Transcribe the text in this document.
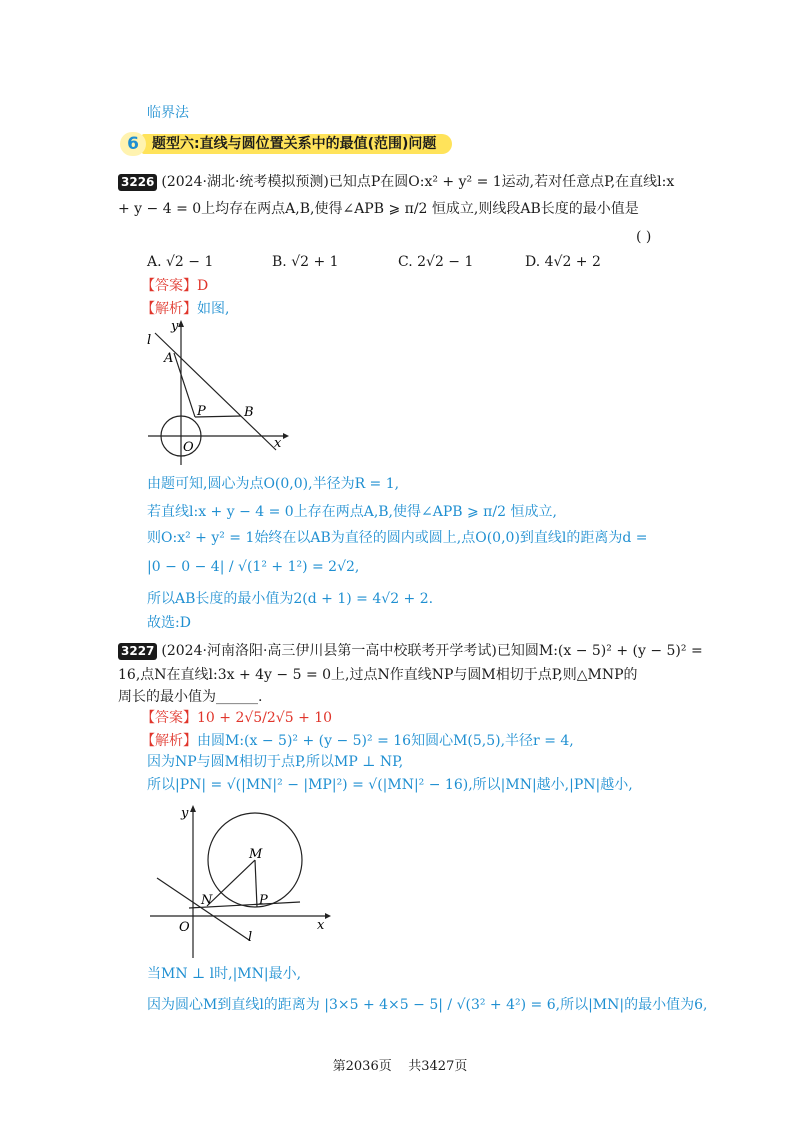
临界法
6 题型六:直线与圆位置关系中的最值(范围)问题
3226 (2024·湖北·统考模拟预测)已知点P在圆O:x² + y² = 1运动,若对任意点P,在直线l:x
+ y − 4 = 0上均存在两点A,B,使得∠APB ⩾ π/2 恒成立,则线段AB长度的最小值是
( )
A. √2 − 1	B. √2 + 1	C. 2√2 − 1	D. 4√2 + 2
【答案】D
【解析】如图,
l
y
A
P	B
O	x
由题可知,圆心为点O(0,0),半径为R = 1,
若直线l:x + y − 4 = 0上存在两点A,B,使得∠APB ⩾ π/2 恒成立,
则O:x² + y² = 1始终在以AB为直径的圆内或圆上,点O(0,0)到直线l的距离为d =
|0 − 0 − 4| / √(1² + 1²) = 2√2,
所以AB长度的最小值为2(d + 1) = 4√2 + 2.
故选:D
3227 (2024·河南洛阳·高三伊川县第一高中校联考开学考试)已知圆M:(x − 5)² + (y − 5)² =
16,点N在直线l:3x + 4y − 5 = 0上,过点N作直线NP与圆M相切于点P,则△MNP的
周长的最小值为______.
【答案】10 + 2√5/2√5 + 10
【解析】由圆M:(x − 5)² + (y − 5)² = 16知圆心M(5,5),半径r = 4,
因为NP与圆M相切于点P,所以MP ⊥ NP,
所以|PN| = √(|MN|² − |MP|²) = √(|MN|² − 16),所以|MN|越小,|PN|越小,
y
M
N	P
O
l
x
当MN ⊥ l时,|MN|最小,
因为圆心M到直线l的距离为 |3×5 + 4×5 − 5| / √(3² + 4²) = 6,所以|MN|的最小值为6,
第2036页 共3427页
